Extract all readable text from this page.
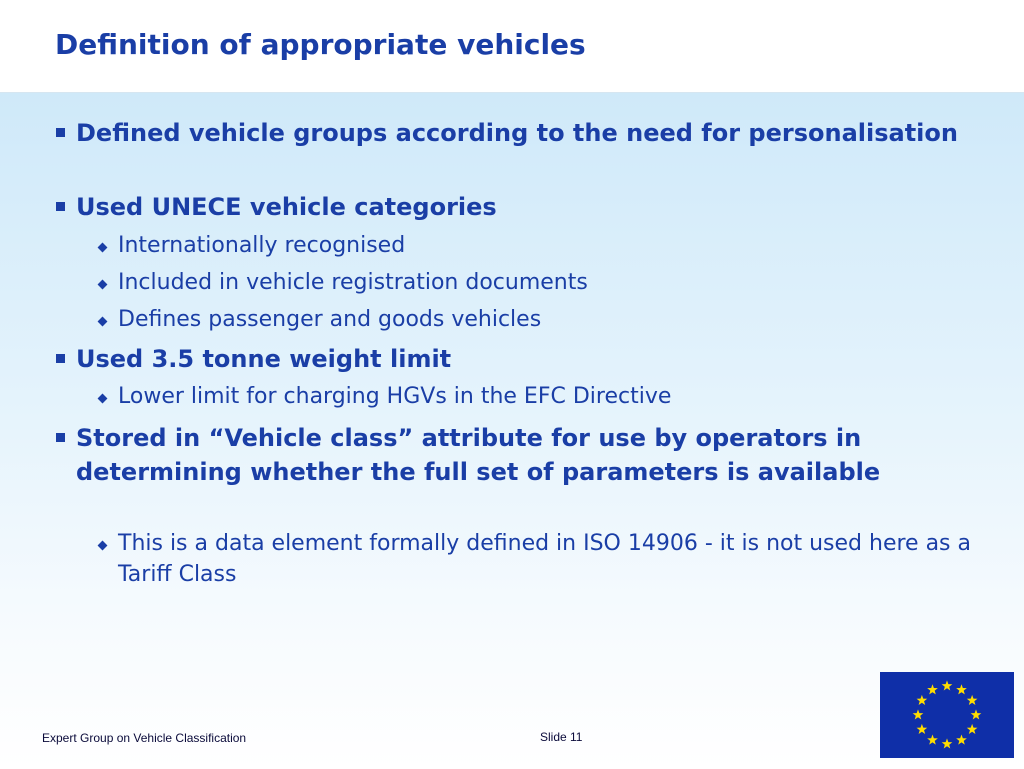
Definition of appropriate vehicles
Defined vehicle groups according to the need for personalisation
Used UNECE vehicle categories
Internationally recognised
Included in vehicle registration documents
Defines passenger and goods vehicles
Used 3.5 tonne weight limit
Lower limit for charging HGVs in the EFC Directive
Stored in “Vehicle class” attribute for use by operators in determining whether the full set of parameters is available
This is a data element formally defined in ISO 14906 - it is not used here as a Tariff Class
Expert Group on Vehicle Classification	Slide 11
